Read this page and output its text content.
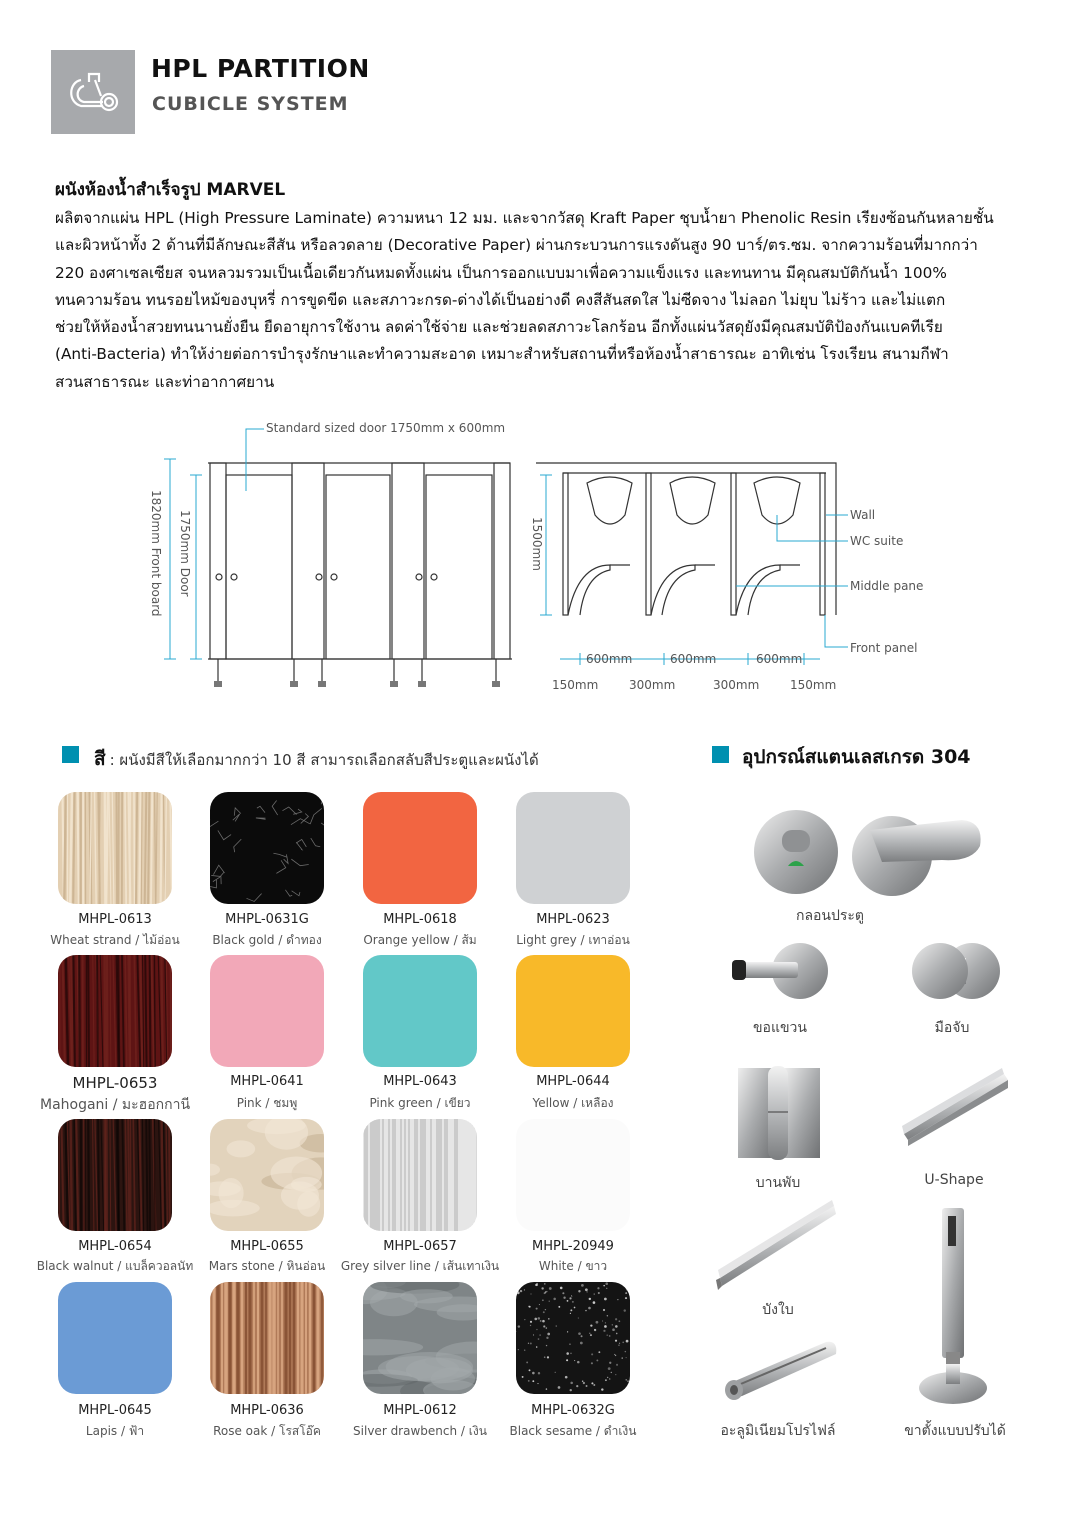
HPL PARTITION
CUBICLE SYSTEM
ผนังห้องน้ำสำเร็จรูป MARVEL
ผลิตจากแผ่น HPL (High Pressure Laminate) ความหนา 12 มม. และจากวัสดุ Kraft Paper ชุบน้ำยา Phenolic Resin เรียงซ้อนกันหลายชั้น
และผิวหน้าทั้ง 2 ด้านที่มีลักษณะสีสัน หรือลวดลาย (Decorative Paper) ผ่านกระบวนการแรงดันสูง 90 บาร์/ตร.ซม. จากความร้อนที่มากกว่า
220 องศาเซลเซียส จนหลวมรวมเป็นเนื้อเดียวกันหมดทั้งแผ่น เป็นการออกแบบมาเพื่อความแข็งแรง และทนทาน มีคุณสมบัติกันน้ำ 100%
ทนความร้อน ทนรอยไหม้ของบุหรี่ การขูดขีด และสภาวะกรด-ด่างได้เป็นอย่างดี คงสีสันสดใส ไม่ซีดจาง ไม่ลอก ไม่ยุบ ไม่ร้าว และไม่แตก
ช่วยให้ห้องน้ำสวยทนนานยั่งยืน ยืดอายุการใช้งาน ลดค่าใช้จ่าย และช่วยลดสภาวะโลกร้อน อีกทั้งแผ่นวัสดุยังมีคุณสมบัติป้องกันแบคทีเรีย
(Anti-Bacteria) ทำให้ง่ายต่อการบำรุงรักษาและทำความสะอาด เหมาะสำหรับสถานที่หรือห้องน้ำสาธารณะ อาทิเช่น โรงเรียน สนามกีฬา
สวนสาธารณะ และท่าอากาศยาน
Standard sized door 1750mm x 600mm
1820mm Front board 1750mm Door	1500mm
Wall
WC suite
Middle pane
Front panel
600mm	600mm	600mm
150mm	300mm	300mm	150mm
สี : ผนังมีสีให้เลือกมากกว่า 10 สี สามารถเลือกสลับสีประตูและผนังได้	อุปกรณ์สแตนเลสเกรด 304
MHPL-0613
Wheat strand / ไม้อ่อน
MHPL-0631G
Black gold / ดำทอง
MHPL-0618
Orange yellow / ส้ม
MHPL-0623
Light grey / เทาอ่อน
MHPL-0653
Mahogani / มะฮอกกานี
MHPL-0641
Pink / ชมพู
MHPL-0643
Pink green / เขียว
MHPL-0644
Yellow / เหลือง
MHPL-0654
Black walnut / แบล็ควอลนัท
MHPL-0655
Mars stone / หินอ่อน
MHPL-0657
Grey silver line / เส้นเทาเงิน
MHPL-20949
White / ขาว
MHPL-0645
Lapis / ฟ้า
MHPL-0636
Rose oak / โรสโอ๊ค
MHPL-0612
Silver drawbench / เงิน
MHPL-0632G
Black sesame / ดำเงิน
กลอนประตู
ขอแขวน	มือจับ
บานพับ	U-Shape
บังใบ
อะลูมิเนียมโปรไฟล์	ขาตั้งแบบปรับได้
